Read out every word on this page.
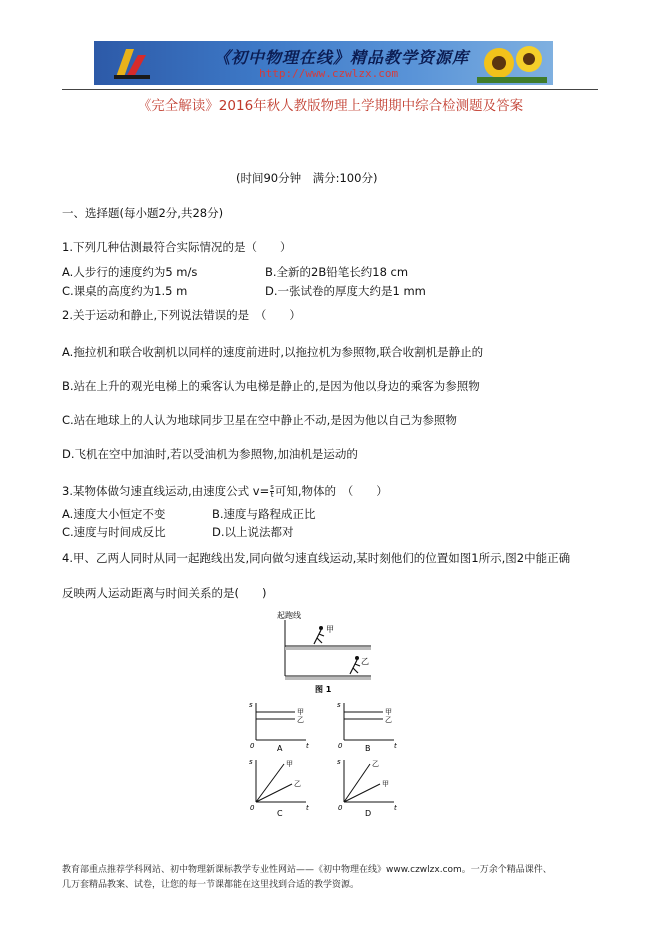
《初中物理在线》精品教学资源库
http://www.czwlzx.com
《完全解读》2016年秋人教版物理上学期期中综合检测题及答案
(时间90分钟　满分:100分)
一、选择题(每小题2分,共28分)
1.下列几种估测最符合实际情况的是（　　）
A.人步行的速度约为5 m/s	B.全新的2B铅笔长约18 cm
C.课桌的高度约为1.5 m	D.一张试卷的厚度大约是1 mm
2.关于运动和静止,下列说法错误的是　（　　）
A.拖拉机和联合收割机以同样的速度前进时,以拖拉机为参照物,联合收割机是静止的
B.站在上升的观光电梯上的乘客认为电梯是静止的,是因为他以身边的乘客为参照物
C.站在地球上的人认为地球同步卫星在空中静止不动,是因为他以自己为参照物
D.飞机在空中加油时,若以受油机为参照物,加油机是运动的
3.某物体做匀速直线运动,由速度公式 $v= \frac{s}{t}$ 可知,物体的　（　　）
A.速度大小恒定不变	B.速度与路程成正比
C.速度与时间成反比	D.以上说法都对
4.甲、乙两人同时从同一起跑线出发,同向做匀速直线运动,某时刻他们的位置如图1所示,图2中能正确
反映两人运动距离与时间关系的是(　　)
起跑线
甲
乙
图 1
s
t
0
甲
乙
A
s
t
0
甲
乙
B
s
t
0
甲
乙
C
s
t
0
乙
甲
D
教育部重点推荐学科网站、初中物理新课标教学专业性网站——《初中物理在线》www.czwlzx.com。一万余个精品课件、
几万套精品教案、试卷，让您的每一节课都能在这里找到合适的教学资源。
